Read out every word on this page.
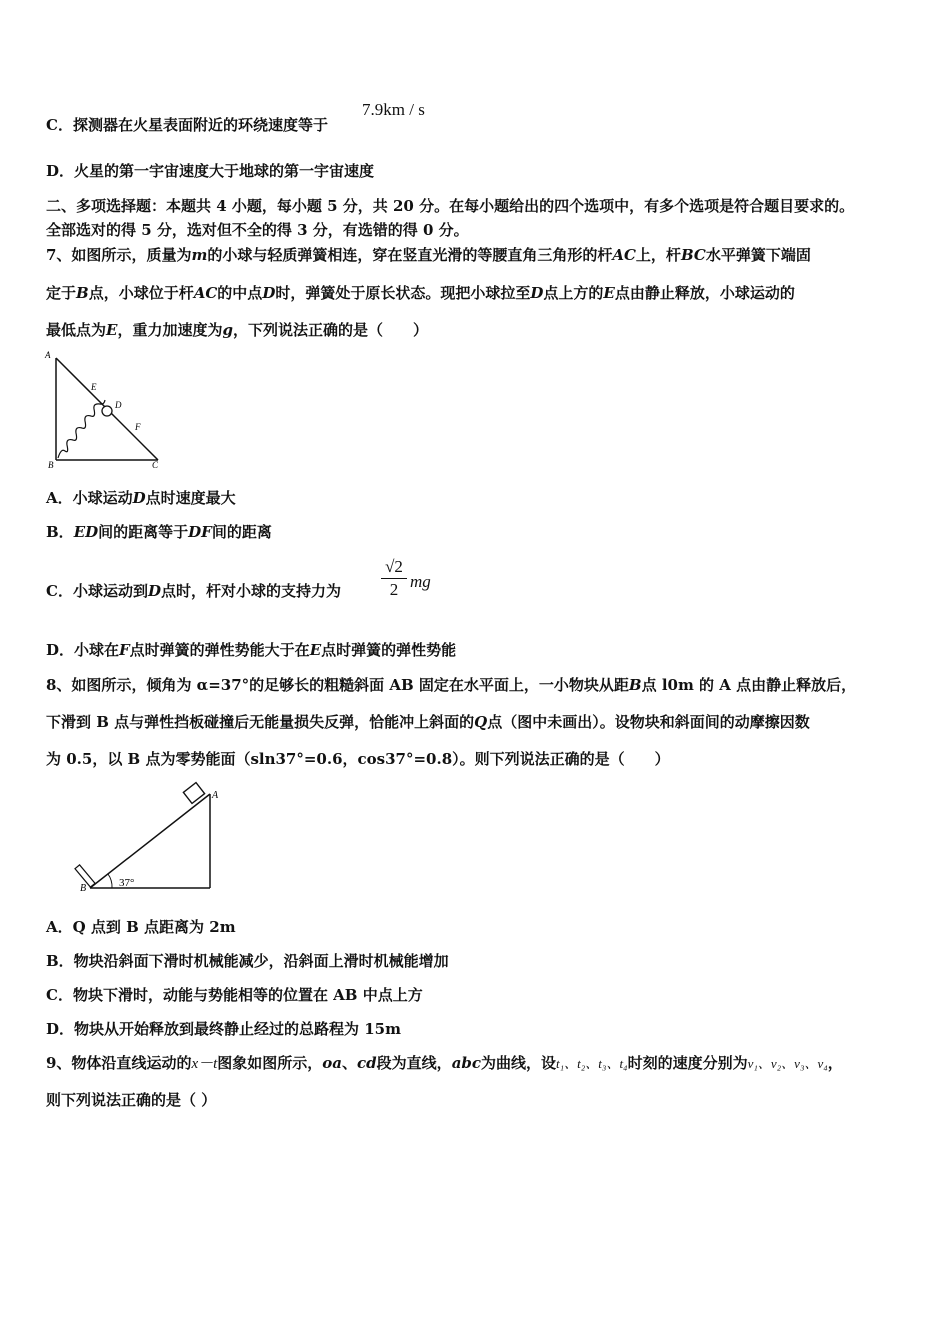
C．探测器在火星表面附近的环绕速度等于
7.9km / s
D．火星的第一宇宙速度大于地球的第一宇宙速度
二、多项选择题：本题共 4 小题，每小题 5 分，共 20 分。在每小题给出的四个选项中，有多个选项是符合题目要求的。
全部选对的得 5 分，选对但不全的得 3 分，有选错的得 0 分。
7、如图所示，质量为m的小球与轻质弹簧相连，穿在竖直光滑的等腰直角三角形的杆AC上，杆BC水平弹簧下端固
定于B点，小球位于杆AC的中点D时，弹簧处于原长状态。现把小球拉至D点上方的E点由静止释放，小球运动的
最低点为E，重力加速度为g，下列说法正确的是（　　）
A
B	C
D
E
F
A．小球运动D点时速度最大
B．ED间的距离等于DF间的距离
C．小球运动到D点时，杆对小球的支持力为 $\frac{√2}{2}$ mg
D．小球在F点时弹簧的弹性势能大于在E点时弹簧的弹性势能
8、如图所示，倾角为 α=37°的足够长的粗糙斜面 AB 固定在水平面上，一小物块从距B点 l0m 的 A 点由静止释放后，
下滑到 B 点与弹性挡板碰撞后无能量损失反弹，恰能冲上斜面的Q点（图中未画出）。设物块和斜面间的动摩擦因数
为 0.5，以 B 点为零势能面（sln37°=0.6，cos37°=0.8）。则下列说法正确的是（　　）
A
B	37°
A．Q 点到 B 点距离为 2m
B．物块沿斜面下滑时机械能减少，沿斜面上滑时机械能增加
C．物块下滑时，动能与势能相等的位置在 AB 中点上方
D．物块从开始释放到最终静止经过的总路程为 15m
9、物体沿直线运动的x－t图象如图所示，oa、cd段为直线，abc为曲线，设t₁、t₂、t₃、t₄时刻的速度分别为v₁、v₂、v₃、v₄，
则下列说法正确的是（ ）
